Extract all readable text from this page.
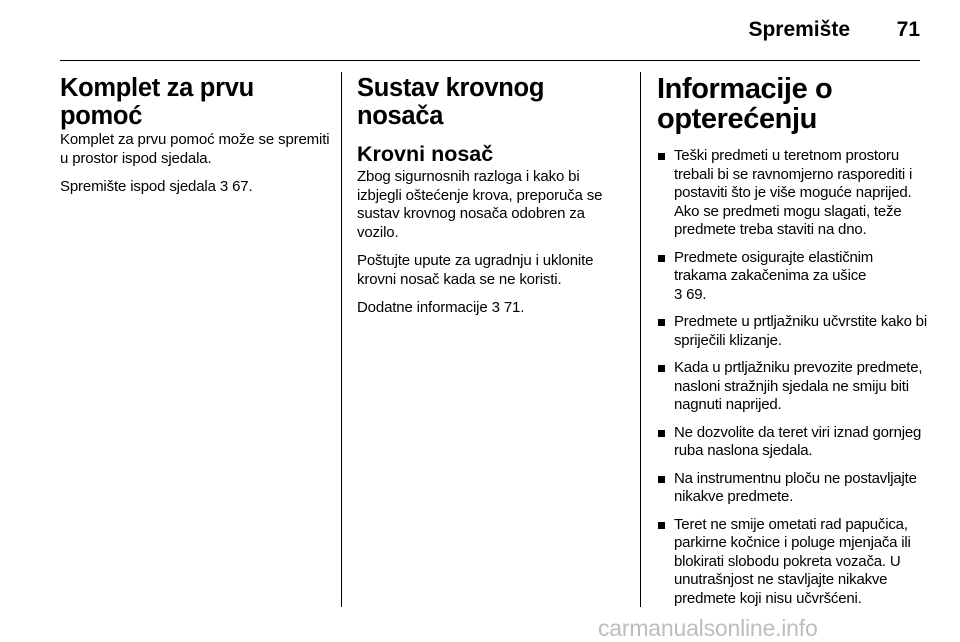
Spremište	71
Komplet za prvu pomoć

Komplet za prvu pomoć može se spremiti u prostor ispod sjedala.

Spremište ispod sjedala 3 67.

Sustav krovnog nosača
Krovni nosač

Zbog sigurnosnih razloga i kako bi izbjegli oštećenje krova, preporuča se sustav krovnog nosača odobren za vozilo.

Poštujte upute za ugradnju i uklonite krovni nosač kada se ne koristi.

Dodatne informacije 3 71.

Informacije o opterećenju
Teški predmeti u teretnom prostoru trebali bi se ravnomjerno rasporediti i postaviti što je više moguće naprijed. Ako se predmeti mogu slagati, teže predmete treba staviti na dno.
Predmete osigurajte elastičnim trakama zakačenima za ušice
3 69.
Predmete u prtljažniku učvrstite kako bi spriječili klizanje.
Kada u prtljažniku prevozite predmete, nasloni stražnjih sjedala ne smiju biti nagnuti naprijed.
Ne dozvolite da teret viri iznad gornjeg ruba naslona sjedala.
Na instrumentnu ploču ne postavljajte nikakve predmete.
Teret ne smije ometati rad papučica, parkirne kočnice i poluge mjenjača ili blokirati slobodu pokreta vozača. U unutrašnjost ne stavljajte nikakve predmete koji nisu učvršćeni.
carmanualsonline.info
